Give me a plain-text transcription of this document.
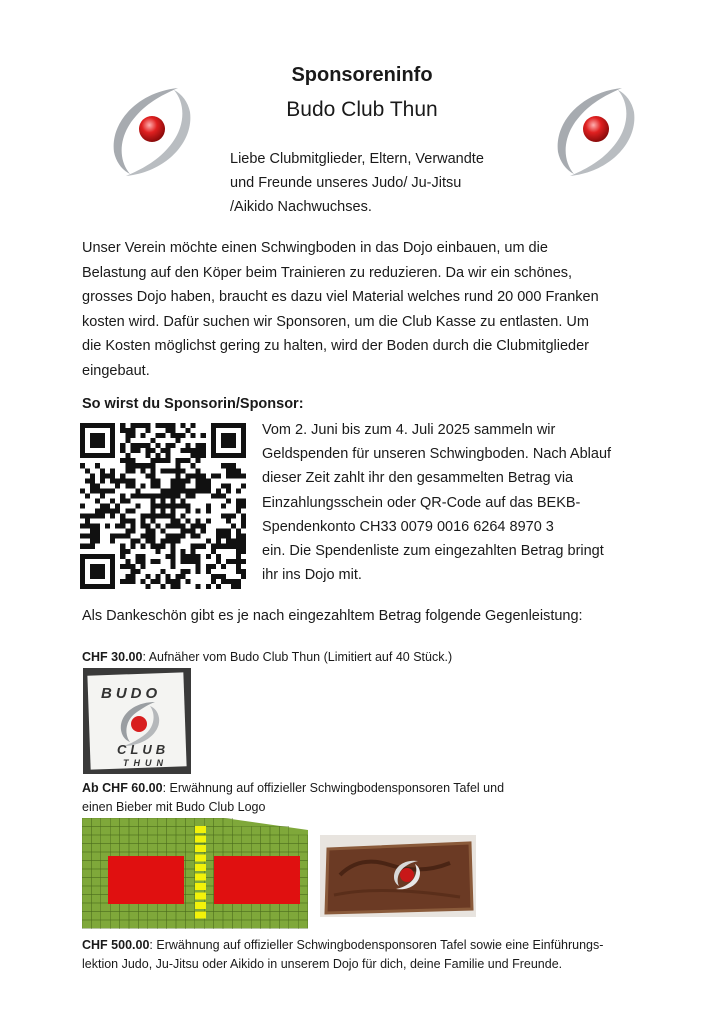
Sponsoreninfo
Budo Club Thun
Liebe Clubmitglieder, Eltern, Verwandte
und Freunde unseres Judo/ Ju-Jitsu
/Aikido Nachwuchses.
Unser Verein möchte einen Schwingboden in das Dojo einbauen, um die
Belastung auf den Köper beim Trainieren zu reduzieren. Da wir ein schönes,
grosses Dojo haben, braucht es dazu viel Material welches rund 20 000 Franken
kosten wird. Dafür suchen wir Sponsoren, um die Club Kasse zu entlasten. Um
die Kosten möglichst gering zu halten, wird der Boden durch die Clubmitglieder
eingebaut.
So wirst du Sponsorin/Sponsor:
Vom 2. Juni bis zum 4. Juli 2025 sammeln wir
Geldspenden für unseren Schwingboden. Nach Ablauf
dieser Zeit zahlt ihr den gesammelten Betrag via
Einzahlungsschein oder QR-Code auf das BEKB-
Spendenkonto CH33 0079 0016 6264 8970 3
ein. Die Spendenliste zum eingezahlten Betrag bringt
ihr ins Dojo mit.
Als Dankeschön gibt es je nach eingezahltem Betrag folgende Gegenleistung:
CHF 30.00: Aufnäher vom Budo Club Thun (Limitiert auf 40 Stück.)
BUDO
CLUB
THUN
Ab CHF 60.00: Erwähnung auf offizieller Schwingbodensponsoren Tafel und
einen Bieber mit Budo Club Logo
CHF 500.00: Erwähnung auf offizieller Schwingbodensponsoren Tafel sowie eine Einführungs-
lektion Judo, Ju-Jitsu oder Aikido in unserem Dojo für dich, deine Familie und Freunde.
